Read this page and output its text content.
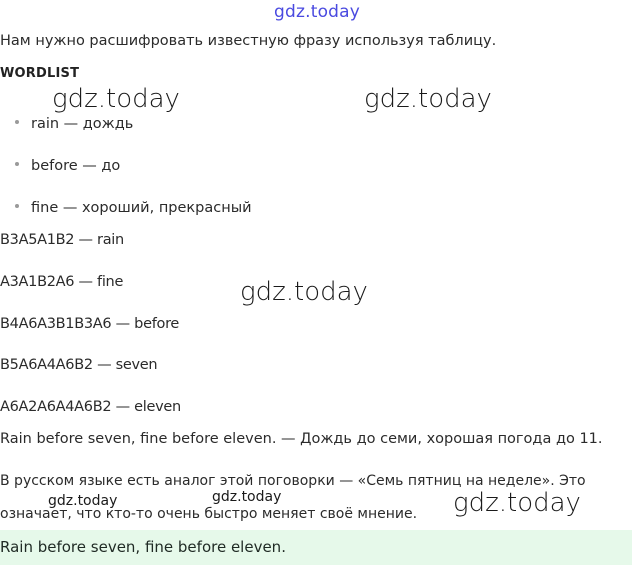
gdz.today
gdz.today	gdz.today
gdz.today
Нам нужно расшифровать известную фразу используя таблицу.
WORDLIST
rain — дождь
before — до
fine — хороший, прекрасный
B3A5A1B2 — rain
A3A1B2A6 — fine
B4A6A3B1B3A6 — before
B5A6A4A6B2 — seven
A6A2A6A4A6B2 — eleven
Rain before seven, fine before eleven. — Дождь до семи, хорошая погода до 11.
В русском языке есть аналог этой поговорки — «Семь пятниц на неделе». Это
означает, что кто-то очень быстро меняет своё мнение.
gdz.today	gdz.today	gdz.today
Rain before seven, fine before eleven.
